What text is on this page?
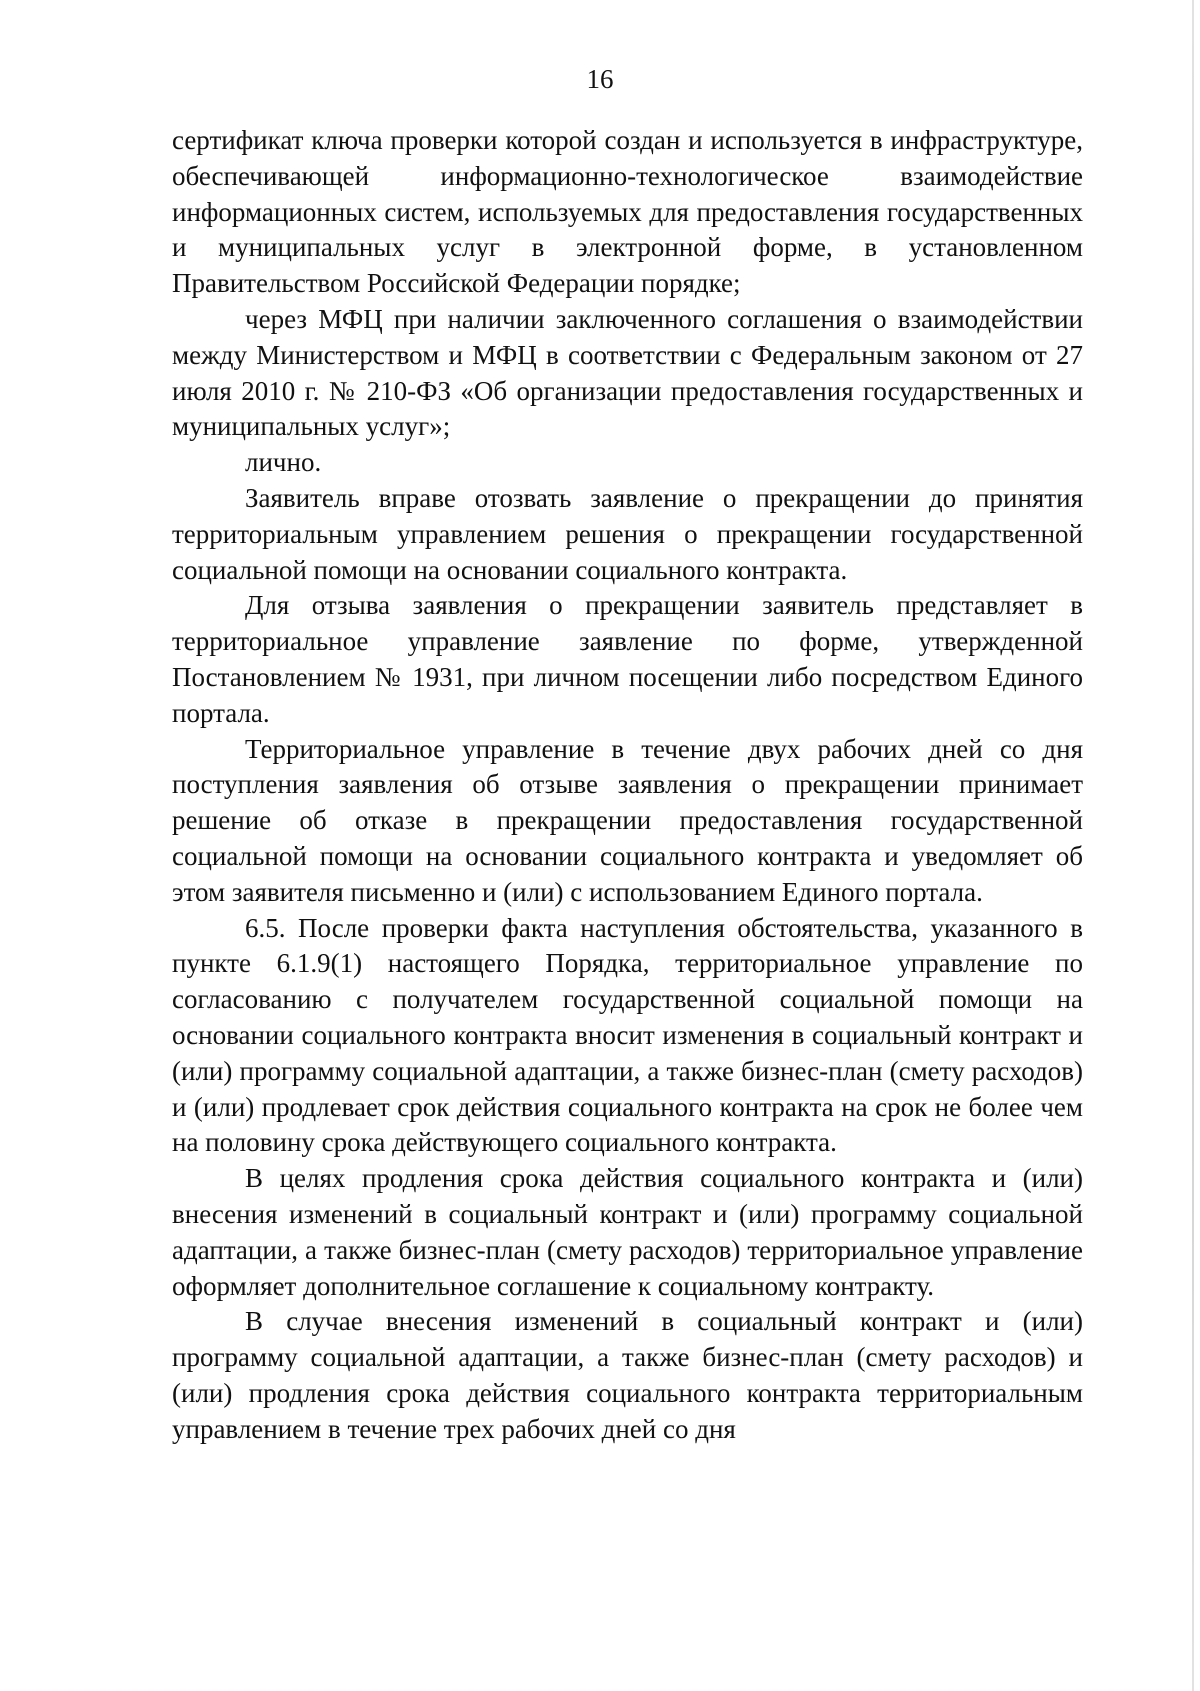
16

сертификат ключа проверки которой создан и используется в инфраструктуре, обеспечивающей информационно-технологическое взаимодействие информационных систем, используемых для предоставления государственных и муниципальных услуг в электронной форме, в установленном Правительством Российской Федерации порядке;

через МФЦ при наличии заключенного соглашения о взаимодействии между Министерством и МФЦ в соответствии с Федеральным законом от 27 июля 2010 г. № 210-ФЗ «Об организации предоставления государственных и муниципальных услуг»;

лично.

Заявитель вправе отозвать заявление о прекращении до принятия территориальным управлением решения о прекращении государственной социальной помощи на основании социального контракта.

Для отзыва заявления о прекращении заявитель представляет в территориальное управление заявление по форме, утвержденной Постановлением № 1931, при личном посещении либо посредством Единого портала.

Территориальное управление в течение двух рабочих дней со дня поступления заявления об отзыве заявления о прекращении принимает решение об отказе в прекращении предоставления государственной социальной помощи на основании социального контракта и уведомляет об этом заявителя письменно и (или) с использованием Единого портала.

6.5. После проверки факта наступления обстоятельства, указанного в пункте 6.1.9(1) настоящего Порядка, территориальное управление по согласованию с получателем государственной социальной помощи на основании социального контракта вносит изменения в социальный контракт и (или) программу социальной адаптации, а также бизнес-план (смету расходов) и (или) продлевает срок действия социального контракта на срок не более чем на половину срока действующего социального контракта.

В целях продления срока действия социального контракта и (или) внесения изменений в социальный контракт и (или) программу социальной адаптации, а также бизнес-план (смету расходов) территориальное управление оформляет дополнительное соглашение к социальному контракту.

В случае внесения изменений в социальный контракт и (или) программу социальной адаптации, а также бизнес-план (смету расходов) и (или) продления срока действия социального контракта территориальным управлением в течение трех рабочих дней со дня
